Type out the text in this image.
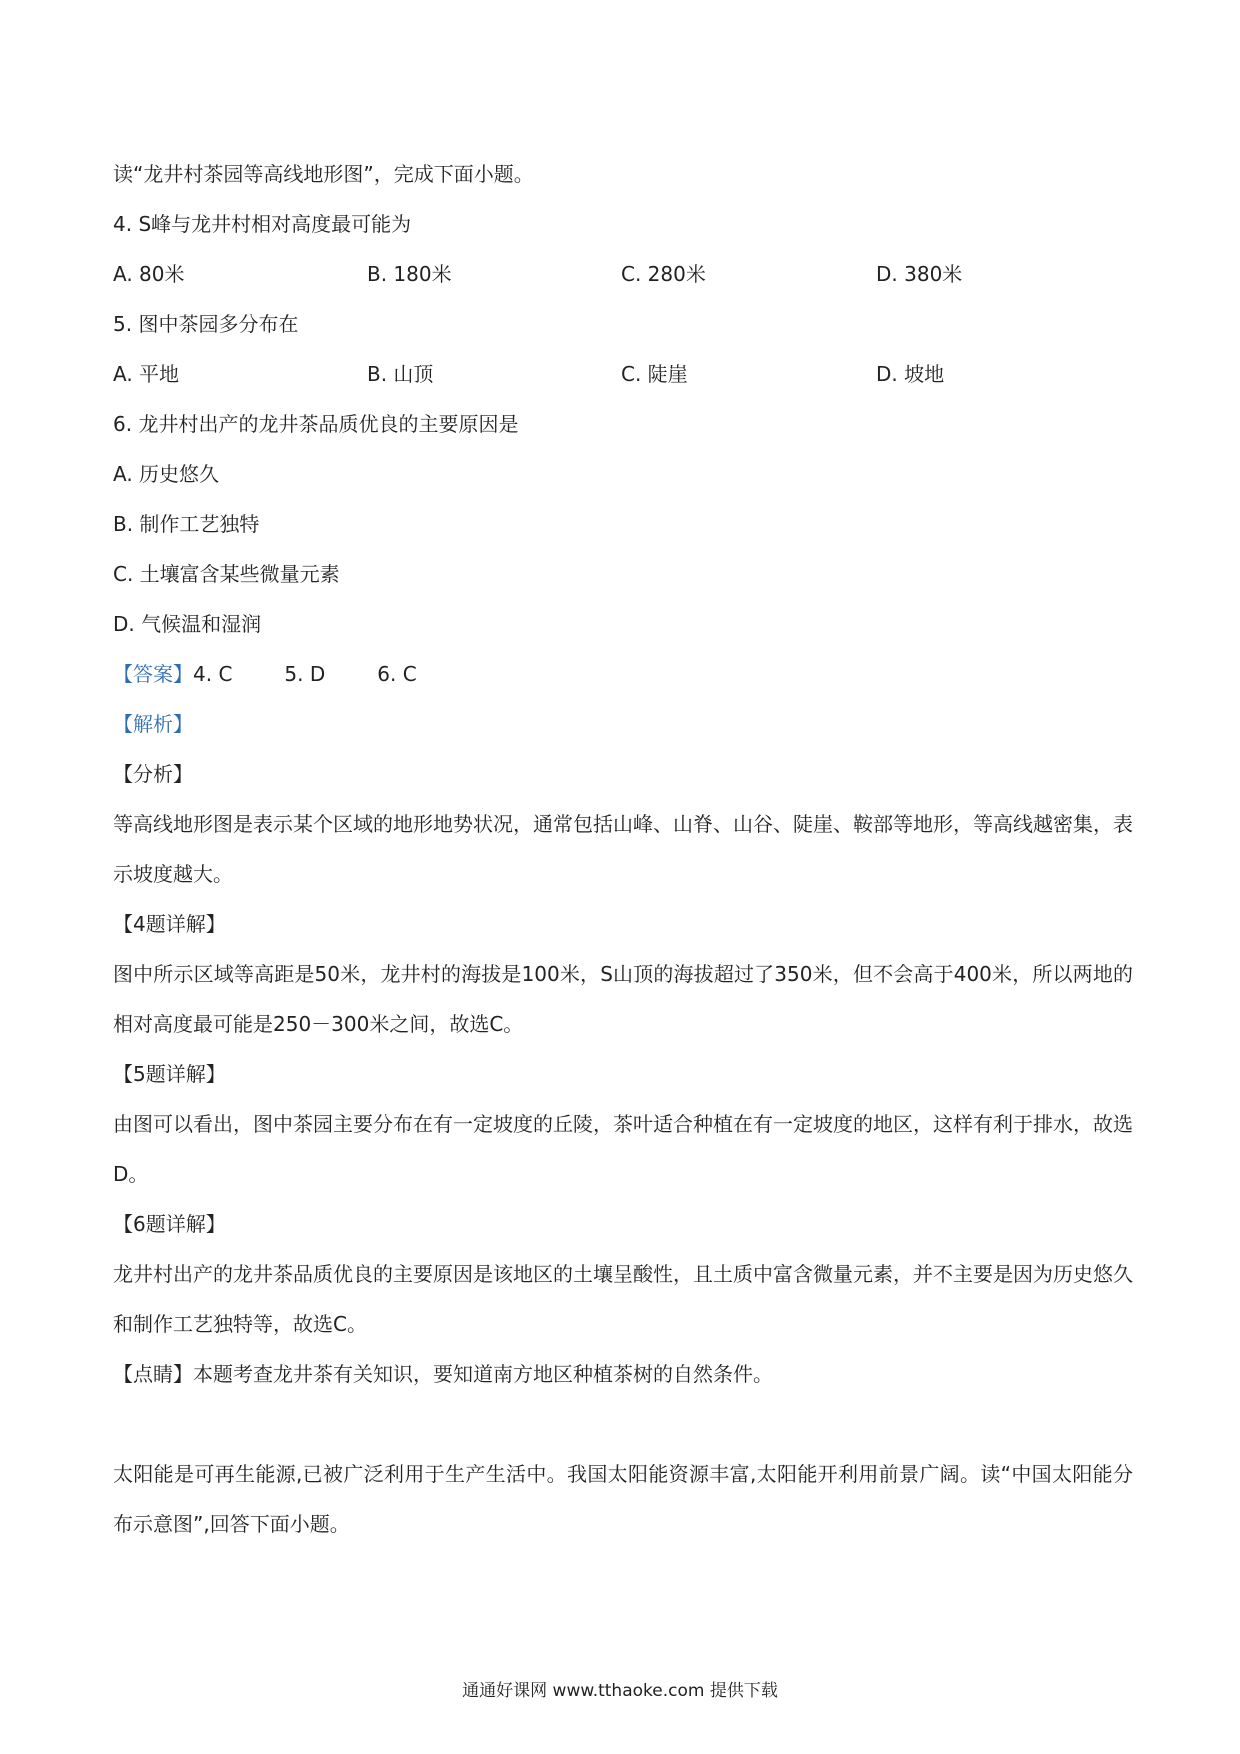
读“龙井村茶园等高线地形图”，完成下面小题。
4. S峰与龙井村相对高度最可能为
A. 80米	B. 180米	C. 280米	D. 380米
5. 图中茶园多分布在
A. 平地	B. 山顶	C. 陡崖	D. 坡地
6. 龙井村出产的龙井茶品质优良的主要原因是
A. 历史悠久
B. 制作工艺独特
C. 土壤富含某些微量元素
D. 气候温和湿润
【答案】4. C	5. D	6. C
【解析】
【分析】
等高线地形图是表示某个区域的地形地势状况，通常包括山峰、山脊、山谷、陡崖、鞍部等地形，等高线越密集，表示坡度越大。
【4题详解】
图中所示区域等高距是50米，龙井村的海拔是100米，S山顶的海拔超过了350米，但不会高于400米，所以两地的相对高度最可能是250－300米之间，故选C。
【5题详解】
由图可以看出，图中茶园主要分布在有一定坡度的丘陵，茶叶适合种植在有一定坡度的地区，这样有利于排水，故选D。
【6题详解】
龙井村出产的龙井茶品质优良的主要原因是该地区的土壤呈酸性，且土质中富含微量元素，并不主要是因为历史悠久和制作工艺独特等，故选C。
【点睛】本题考查龙井茶有关知识，要知道南方地区种植茶树的自然条件。
太阳能是可再生能源,已被广泛利用于生产生活中。我国太阳能资源丰富,太阳能开利用前景广阔。读“中国太阳能分布示意图”,回答下面小题。
通通好课网 www.tthaoke.com 提供下载
